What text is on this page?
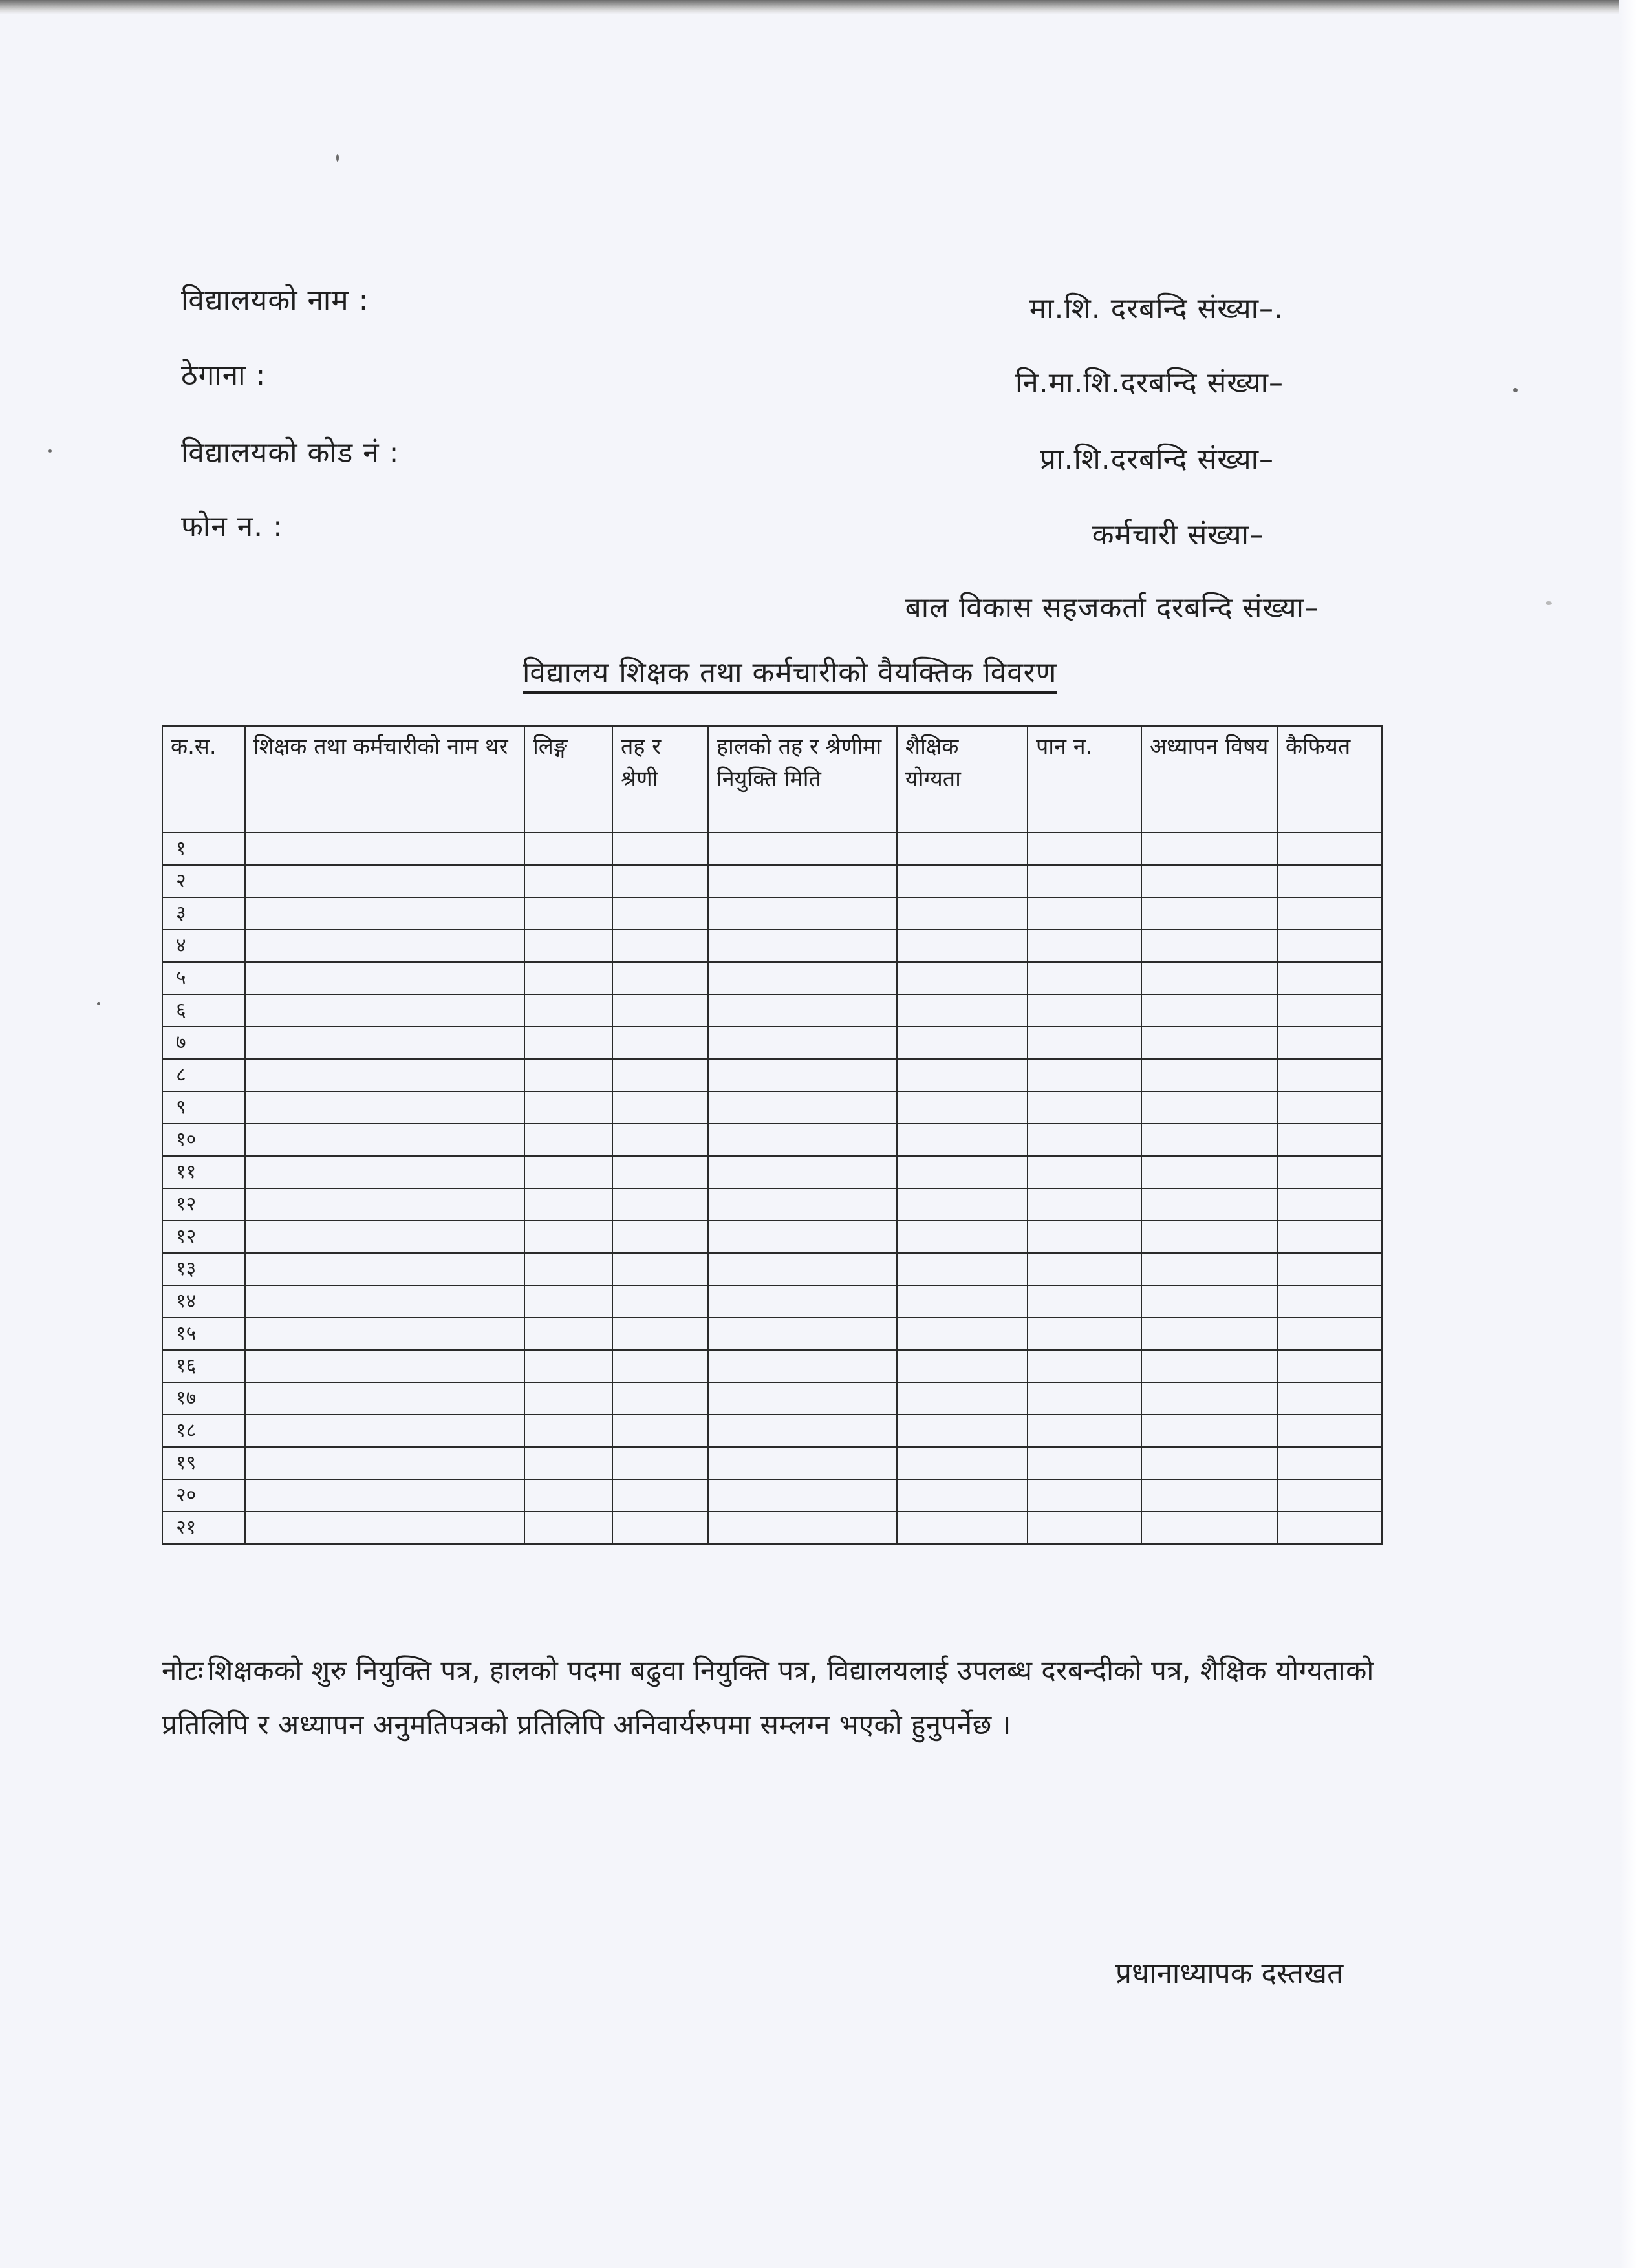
विद्यालयको नाम :
ठेगाना :
विद्यालयको कोड नं :
फोन न. :
मा.शि. दरबन्दि संख्या–.
नि.मा.शि.दरबन्दि संख्या–
प्रा.शि.दरबन्दि संख्या–
कर्मचारी संख्या–
बाल विकास सहजकर्ता दरबन्दि संख्या–
विद्यालय शिक्षक तथा कर्मचारीको वैयक्तिक विवरण
क.स.	शिक्षक तथा कर्मचारीको नाम थर	लिङ्ग	तह र श्रेणी	हालको तह र श्रेणीमा नियुक्ति मिति	शैक्षिक योग्यता	पान न.	अध्यापन विषय	कैफियत
१								
२								
३								
४								
५								
६								
७								
८								
९								
१०								
११								
१२								
१२								
१३								
१४								
१५								
१६								
१७								
१८								
१९								
२०								
२१								
नोटः शिक्षकको शुरु नियुक्ति पत्र, हालको पदमा बढुवा नियुक्ति पत्र, विद्यालयलाई उपलब्ध दरबन्दीको पत्र, शैक्षिक योग्यताको प्रतिलिपि र अध्यापन अनुमतिपत्रको प्रतिलिपि अनिवार्यरुपमा सम्लग्न भएको हुनुपर्नेछ ।
प्रधानाध्यापक दस्तखत
